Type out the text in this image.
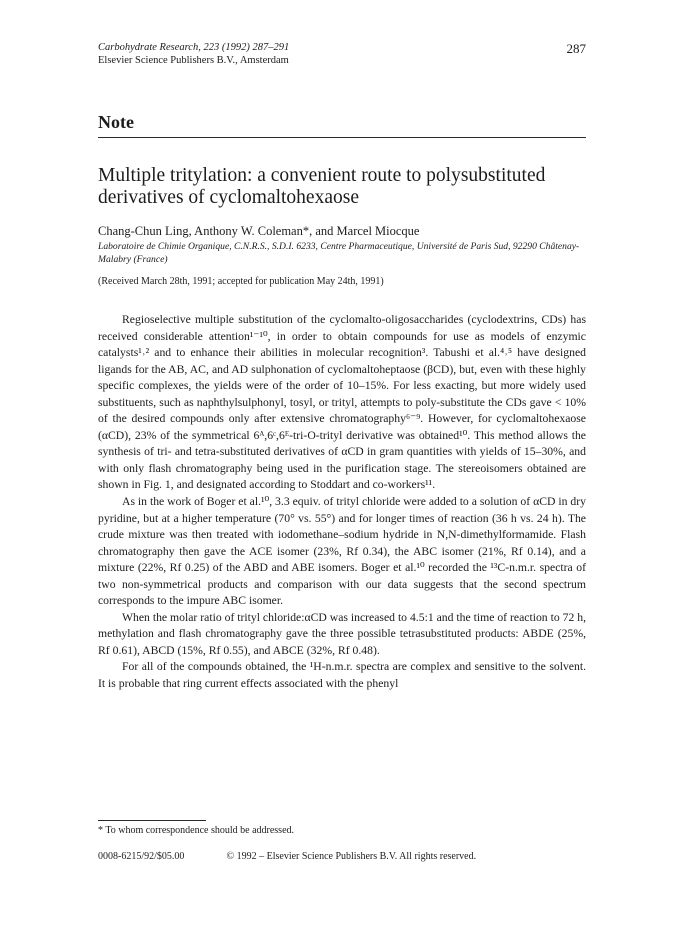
Carbohydrate Research, 223 (1992) 287–291
Elsevier Science Publishers B.V., Amsterdam
287
Note
Multiple tritylation: a convenient route to polysubstituted derivatives of cyclomaltohexaose
Chang-Chun Ling, Anthony W. Coleman*, and Marcel Miocque
Laboratoire de Chimie Organique, C.N.R.S., S.D.I. 6233, Centre Pharmaceutique, Université de Paris Sud, 92290 Châtenay-Malabry (France)
(Received March 28th, 1991; accepted for publication May 24th, 1991)

Regioselective multiple substitution of the cyclomalto-oligosaccharides (cyclodextrins, CDs) has received considerable attention¹⁻¹⁰, in order to obtain compounds for use as models of enzymic catalysts¹˒² and to enhance their abilities in molecular recognition³. Tabushi et al.⁴˒⁵ have designed ligands for the AB, AC, and AD sulphonation of cyclomaltoheptaose (βCD), but, even with these highly specific complexes, the yields were of the order of 10–15%. For less exacting, but more widely used substituents, such as naphthylsulphonyl, tosyl, or trityl, attempts to poly-substitute the CDs gave < 10% of the desired compounds only after extensive chromatography⁶⁻⁹. However, for cyclomaltohexaose (αCD), 23% of the symmetrical 6ᴬ,6ᶜ,6ᴱ-tri-O-trityl derivative was obtained¹⁰. This method allows the synthesis of tri- and tetra-substituted derivatives of αCD in gram quantities with yields of 15–30%, and with only flash chromatography being used in the purification stage. The stereoisomers obtained are shown in Fig. 1, and designated according to Stoddart and co-workers¹¹.

As in the work of Boger et al.¹⁰, 3.3 equiv. of trityl chloride were added to a solution of αCD in dry pyridine, but at a higher temperature (70° vs. 55°) and for longer times of reaction (36 h vs. 24 h). The crude mixture was then treated with iodomethane–sodium hydride in N,N-dimethylformamide. Flash chromatography then gave the ACE isomer (23%, Rf 0.34), the ABC isomer (21%, Rf 0.14), and a mixture (22%, Rf 0.25) of the ABD and ABE isomers. Boger et al.¹⁰ recorded the ¹³C-n.m.r. spectra of two non-symmetrical products and comparison with our data suggests that the second spectrum corresponds to the impure ABC isomer.

When the molar ratio of trityl chloride:αCD was increased to 4.5:1 and the time of reaction to 72 h, methylation and flash chromatography gave the three possible tetrasubstituted products: ABDE (25%, Rf 0.61), ABCD (15%, Rf 0.55), and ABCE (32%, Rf 0.48).

For all of the compounds obtained, the ¹H-n.m.r. spectra are complex and sensitive to the solvent. It is probable that ring current effects associated with the phenyl

* To whom correspondence should be addressed.
0008-6215/92/$05.00	© 1992 – Elsevier Science Publishers B.V. All rights reserved.
